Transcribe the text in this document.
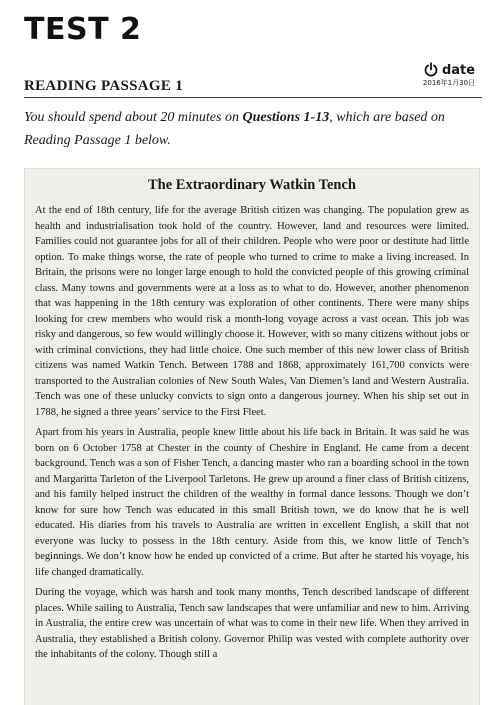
TEST 2
READING PASSAGE 1
date
2016年1月30日
You should spend about 20 minutes on Questions 1-13, which are based on Reading Passage 1 below.
The Extraordinary Watkin Tench

At the end of 18th century, life for the average British citizen was changing. The population grew as health and industrialisation took hold of the country. However, land and resources were limited. Families could not guarantee jobs for all of their children. People who were poor or destitute had little option. To make things worse, the rate of people who turned to crime to make a living increased. In Britain, the prisons were no longer large enough to hold the convicted people of this growing criminal class. Many towns and governments were at a loss as to what to do. However, another phenomenon that was happening in the 18th century was exploration of other continents. There were many ships looking for crew members who would risk a month-long voyage across a vast ocean. This job was risky and dangerous, so few would willingly choose it. However, with so many citizens without jobs or with criminal convictions, they had little choice. One such member of this new lower class of British citizens was named Watkin Tench. Between 1788 and 1868, approximately 161,700 convicts were transported to the Australian colonies of New South Wales, Van Diemen’s land and Western Australia. Tench was one of these unlucky convicts to sign onto a dangerous journey. When his ship set out in 1788, he signed a three years’ service to the First Fleet.

Apart from his years in Australia, people knew little about his life back in Britain. It was said he was born on 6 October 1758 at Chester in the county of Cheshire in England. He came from a decent background. Tench was a son of Fisher Tench, a dancing master who ran a boarding school in the town and Margaritta Tarleton of the Liverpool Tarletons. He grew up around a finer class of British citizens, and his family helped instruct the children of the wealthy in formal dance lessons. Though we don’t know for sure how Tench was educated in this small British town, we do know that he is well educated. His diaries from his travels to Australia are written in excellent English, a skill that not everyone was lucky to possess in the 18th century. Aside from this, we know little of Tench’s beginnings. We don’t know how he ended up convicted of a crime. But after he started his voyage, his life changed dramatically.

During the voyage, which was harsh and took many months, Tench described landscape of different places. While sailing to Australia, Tench saw landscapes that were unfamiliar and new to him. Arriving in Australia, the entire crew was uncertain of what was to come in their new life. When they arrived in Australia, they established a British colony. Governor Philip was vested with complete authority over the inhabitants of the colony. Though still a
